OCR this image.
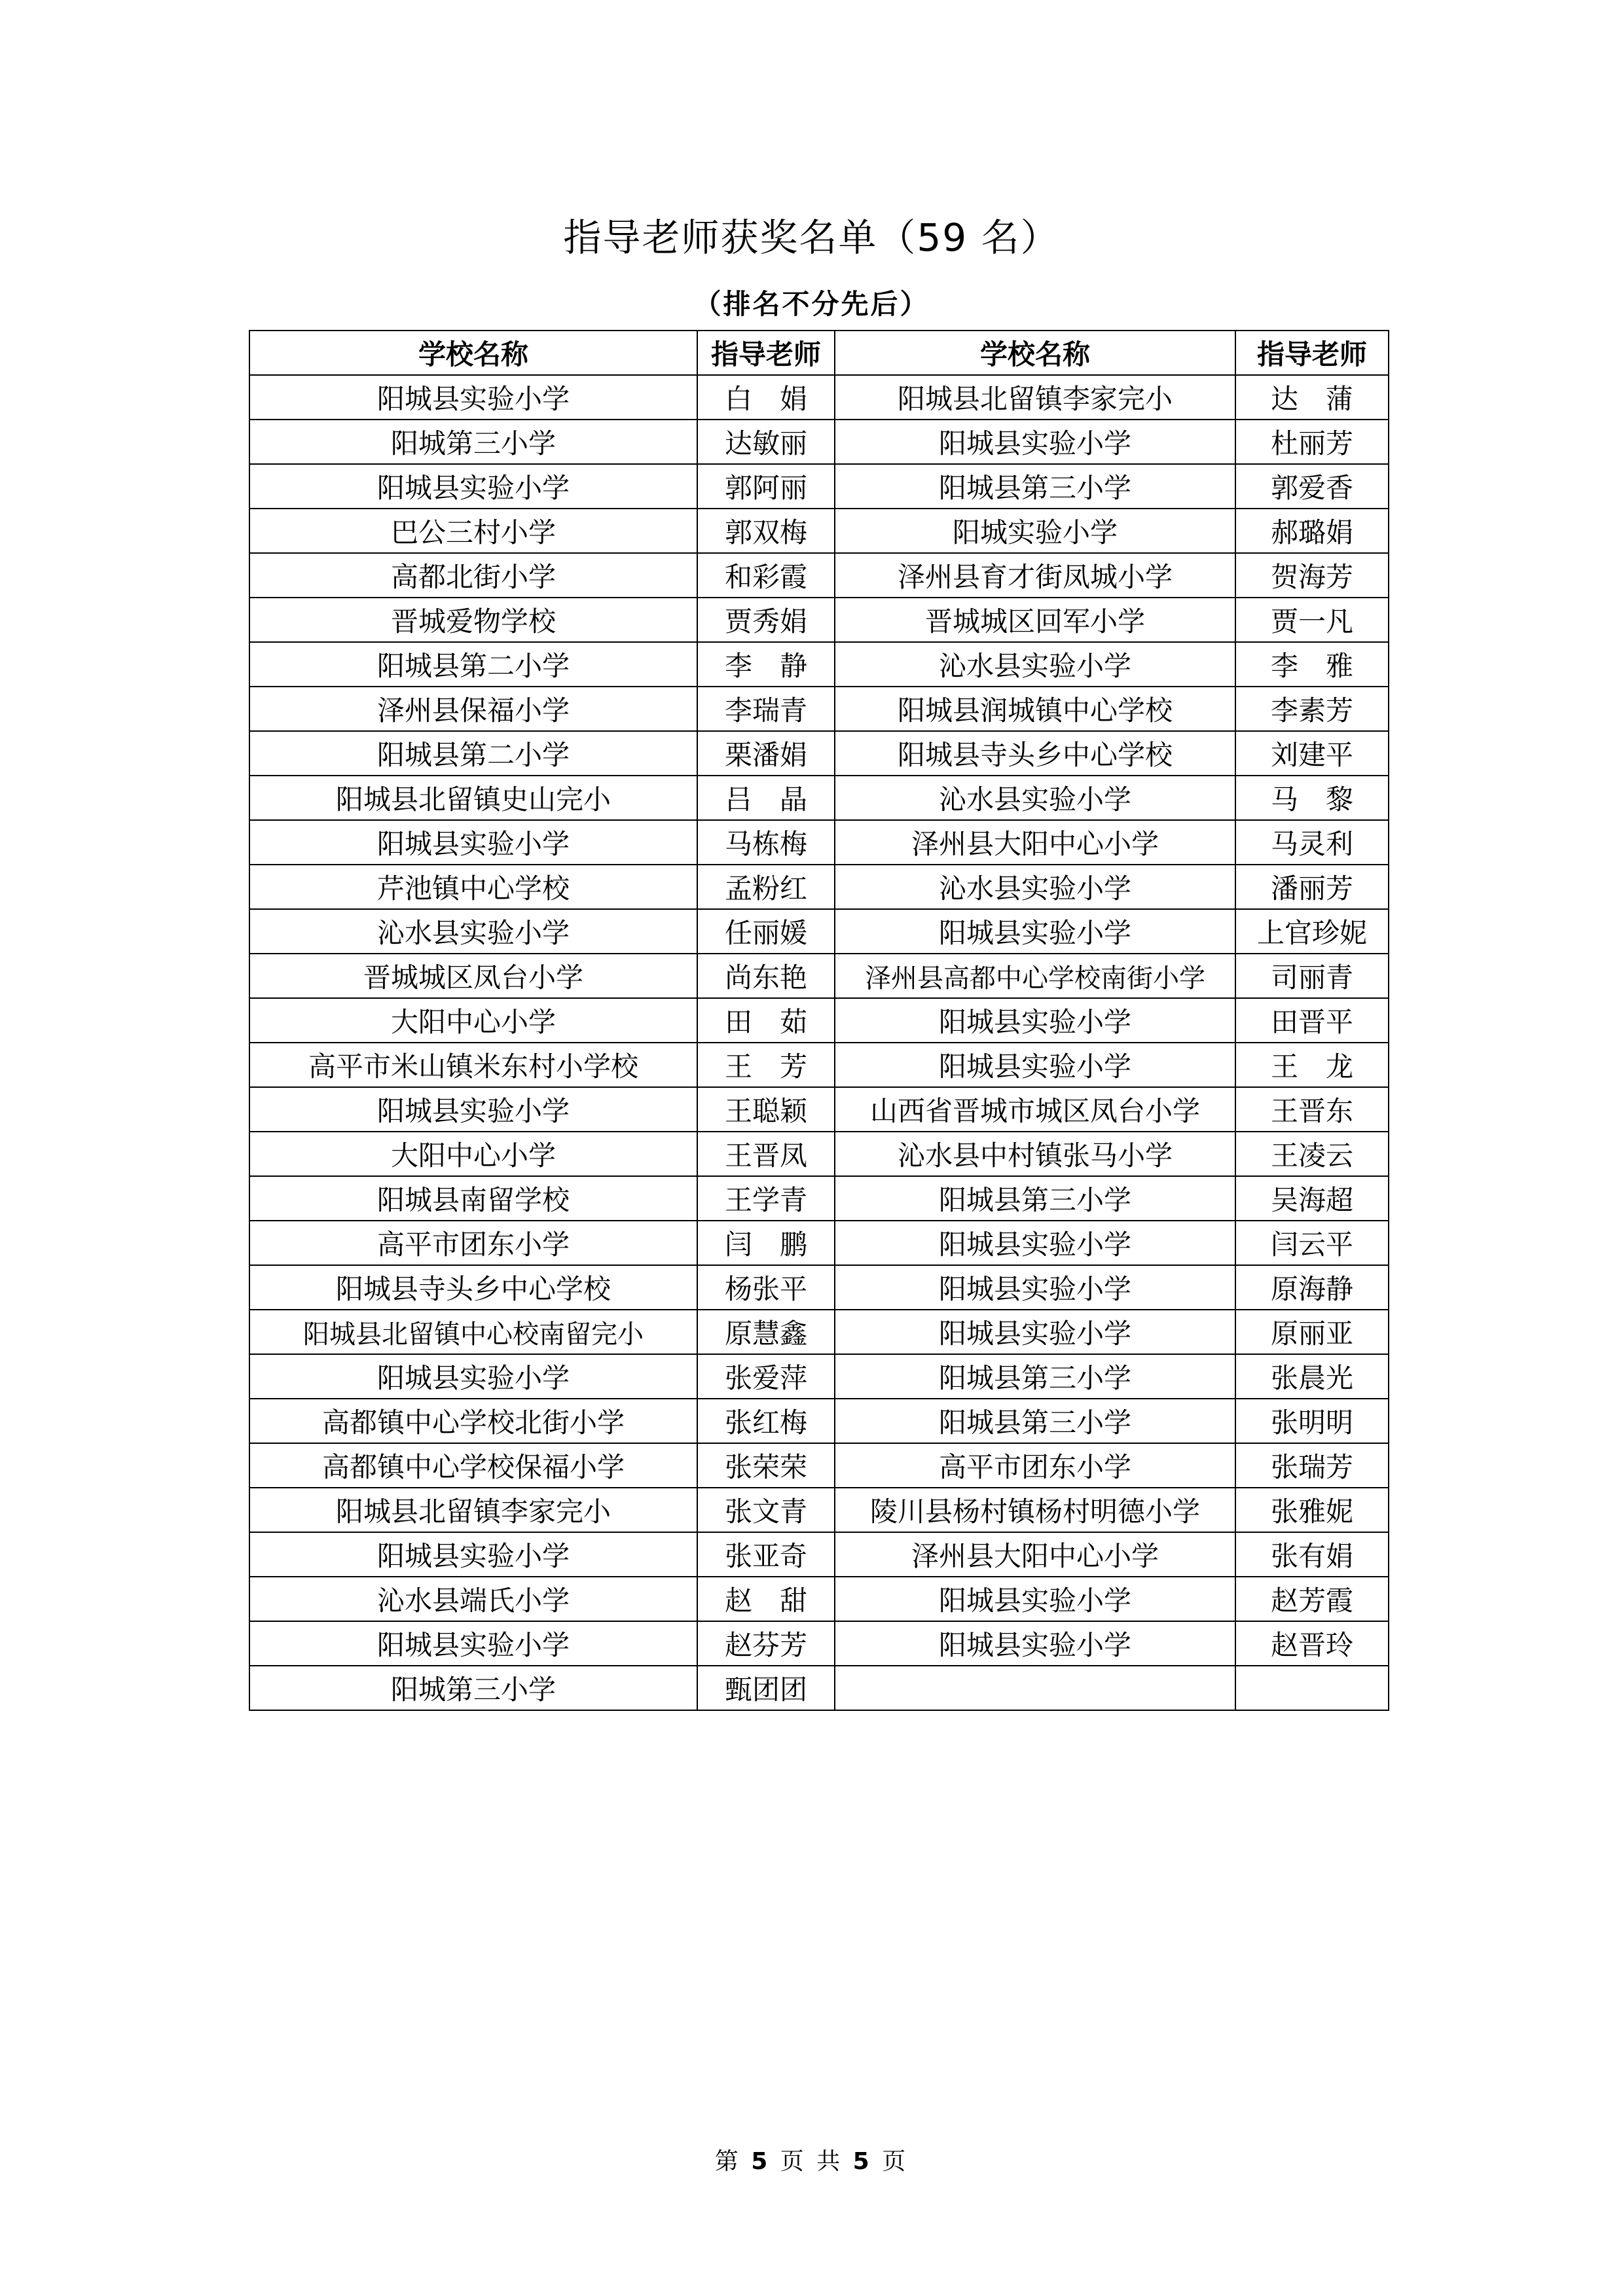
指导老师获奖名单（59 名）
（排名不分先后）
学校名称	指导老师	学校名称	指导老师
阳城县实验小学	白　娟	阳城县北留镇李家完小	达　蒲
阳城第三小学	达敏丽	阳城县实验小学	杜丽芳
阳城县实验小学	郭阿丽	阳城县第三小学	郭爱香
巴公三村小学	郭双梅	阳城实验小学	郝璐娟
高都北街小学	和彩霞	泽州县育才街凤城小学	贺海芳
晋城爱物学校	贾秀娟	晋城城区回军小学	贾一凡
阳城县第二小学	李　静	沁水县实验小学	李　雅
泽州县保福小学	李瑞青	阳城县润城镇中心学校	李素芳
阳城县第二小学	栗潘娟	阳城县寺头乡中心学校	刘建平
阳城县北留镇史山完小	吕　晶	沁水县实验小学	马　黎
阳城县实验小学	马栋梅	泽州县大阳中心小学	马灵利
芹池镇中心学校	孟粉红	沁水县实验小学	潘丽芳
沁水县实验小学	任丽媛	阳城县实验小学	上官珍妮
晋城城区凤台小学	尚东艳	泽州县高都中心学校南街小学	司丽青
大阳中心小学	田　茹	阳城县实验小学	田晋平
高平市米山镇米东村小学校	王　芳	阳城县实验小学	王　龙
阳城县实验小学	王聪颖	山西省晋城市城区凤台小学	王晋东
大阳中心小学	王晋凤	沁水县中村镇张马小学	王凌云
阳城县南留学校	王学青	阳城县第三小学	吴海超
高平市团东小学	闫　鹏	阳城县实验小学	闫云平
阳城县寺头乡中心学校	杨张平	阳城县实验小学	原海静
阳城县北留镇中心校南留完小	原慧鑫	阳城县实验小学	原丽亚
阳城县实验小学	张爱萍	阳城县第三小学	张晨光
高都镇中心学校北街小学	张红梅	阳城县第三小学	张明明
高都镇中心学校保福小学	张荣荣	高平市团东小学	张瑞芳
阳城县北留镇李家完小	张文青	陵川县杨村镇杨村明德小学	张雅妮
阳城县实验小学	张亚奇	泽州县大阳中心小学	张有娟
沁水县端氏小学	赵　甜	阳城县实验小学	赵芳霞
阳城县实验小学	赵芬芳	阳城县实验小学	赵晋玲
阳城第三小学	甄团团		
第 5 页 共 5 页
